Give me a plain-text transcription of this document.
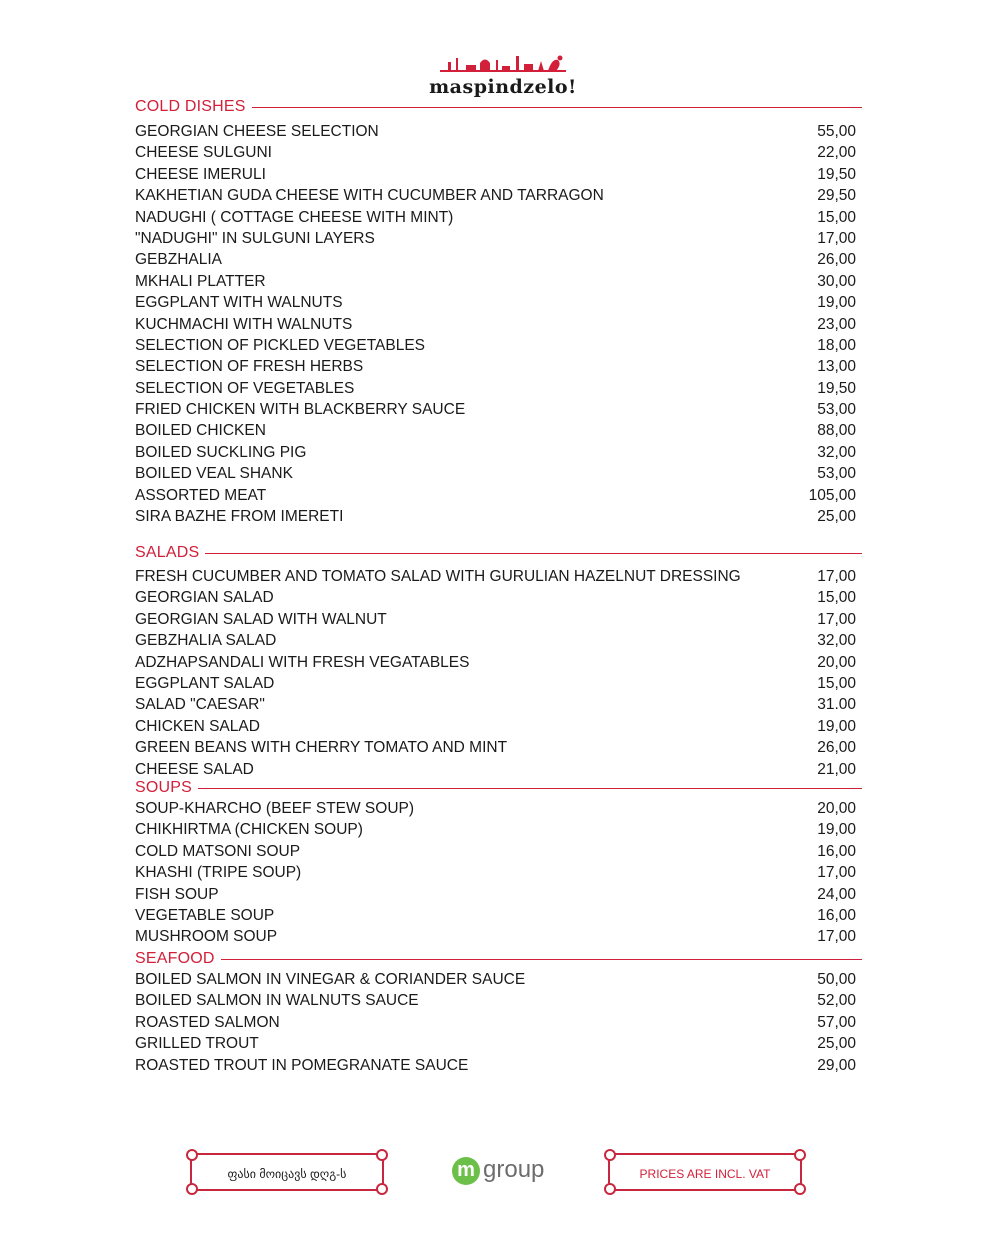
maspindzelo!
COLD DISHES
GEORGIAN CHEESE SELECTION	55,00
CHEESE SULGUNI	22,00
CHEESE IMERULI	19,50
KAKHETIAN GUDA CHEESE WITH CUCUMBER AND TARRAGON	29,50
NADUGHI ( COTTAGE CHEESE WITH MINT)	15,00
"NADUGHI" IN SULGUNI LAYERS	17,00
GEBZHALIA	26,00
MKHALI PLATTER	30,00
EGGPLANT WITH WALNUTS	19,00
KUCHMACHI WITH WALNUTS	23,00
SELECTION OF PICKLED VEGETABLES	18,00
SELECTION OF FRESH HERBS	13,00
SELECTION OF VEGETABLES	19,50
FRIED CHICKEN WITH BLACKBERRY SAUCE	53,00
BOILED CHICKEN	88,00
BOILED SUCKLING PIG	32,00
BOILED VEAL SHANK	53,00
ASSORTED MEAT	105,00
SIRA BAZHE FROM IMERETI	25,00
SALADS
FRESH CUCUMBER AND TOMATO SALAD WITH GURULIAN HAZELNUT DRESSING	17,00
GEORGIAN SALAD	15,00
GEORGIAN SALAD WITH WALNUT	17,00
GEBZHALIA SALAD	32,00
ADZHAPSANDALI WITH FRESH VEGATABLES	20,00
EGGPLANT SALAD	15,00
SALAD "CAESAR"	31.00
CHICKEN SALAD	19,00
GREEN BEANS WITH CHERRY TOMATO AND MINT	26,00
CHEESE SALAD	21,00
SOUPS
SOUP-KHARCHO (BEEF STEW SOUP)	20,00
CHIKHIRTMA (CHICKEN SOUP)	19,00
COLD MATSONI SOUP	16,00
KHASHI (TRIPE SOUP)	17,00
FISH SOUP	24,00
VEGETABLE SOUP	16,00
MUSHROOM SOUP	17,00
SEAFOOD
BOILED SALMON IN VINEGAR & CORIANDER SAUCE	50,00
BOILED SALMON IN WALNUTS SAUCE	52,00
ROASTED SALMON	57,00
GRILLED TROUT	25,00
ROASTED TROUT IN POMEGRANATE SAUCE	29,00
ფასი მოიცავს დღგ-ს	m group	PRICES ARE INCL. VAT
